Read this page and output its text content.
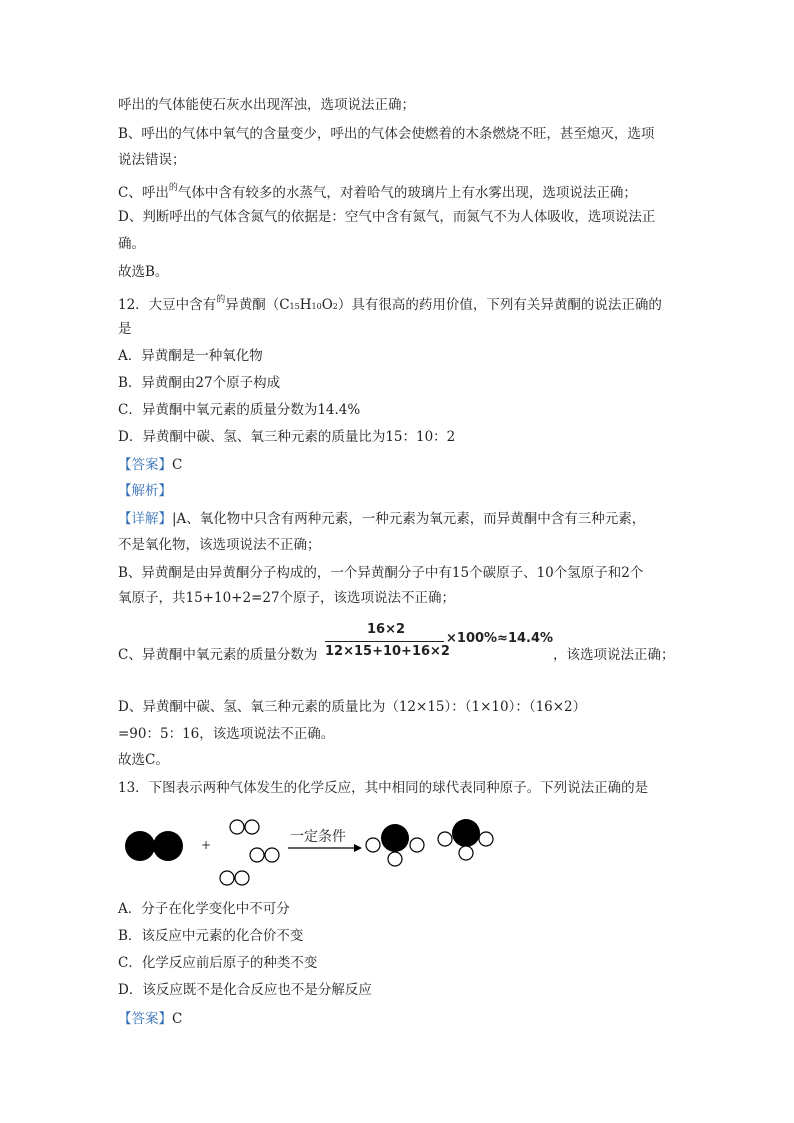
呼出的气体能使石灰水出现浑浊，选项说法正确；
B、呼出的气体中氧气的含量变少，呼出的气体会使燃着的木条燃烧不旺，甚至熄灭，选项
说法错误；
C、呼出$^的$气体中含有较多的水蒸气，对着哈气的玻璃片上有水雾出现，选项说法正确；
D、判断呼出的气体含氮气的依据是：空气中含有氮气，而氮气不为人体吸收，选项说法正
确。
故选B。
12．大豆中含有$^的$异黄酮（C15H10O2）具有很高的药用价值，下列有关异黄酮的说法正确的
是
A．异黄酮是一种氧化物
B．异黄酮由27个原子构成
C．异黄酮中氧元素的质量分数为14.4%
D．异黄酮中碳、氢、氧三种元素的质量比为15：10：2
【答案】C
【解析】
【详解】|A、氧化物中只含有两种元素，一种元素为氧元素，而异黄酮中含有三种元素，
不是氧化物，该选项说法不正确；
B、异黄酮是由异黄酮分子构成的，一个异黄酮分子中有15个碳原子、10个氢原子和2个
氧原子，共15+10+2=27个原子，该选项说法不正确；
C、异黄酮中氧元素的质量分数为
16×2
12×15+10+16×2
×100%≈14.4%
，该选项说法正确；
D、异黄酮中碳、氢、氧三种元素的质量比为（12×15）：（1×10）：（16×2）
=90：5：16，该选项说法不正确。
故选C。
13．下图表示两种气体发生的化学反应，其中相同的球代表同种原子。下列说法正确的是
+	一定条件
A．分子在化学变化中不可分
B．该反应中元素的化合价不变
C．化学反应前后原子的种类不变
D．该反应既不是化合反应也不是分解反应
【答案】C
